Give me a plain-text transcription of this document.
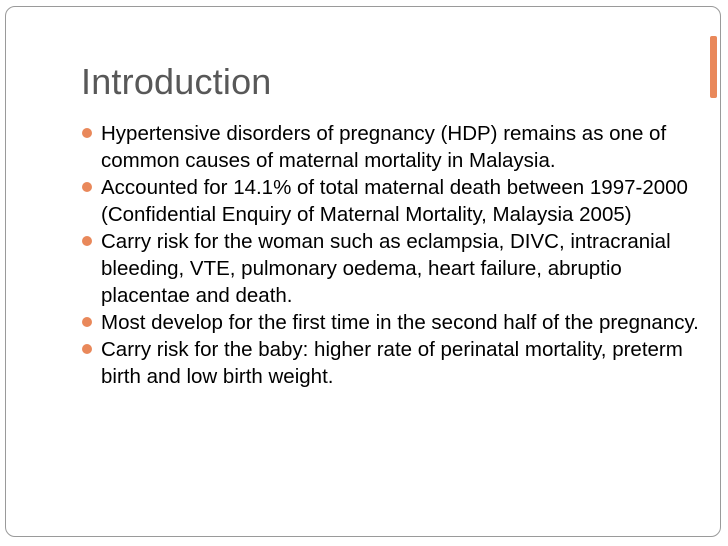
Introduction
Hypertensive disorders of pregnancy (HDP) remains as one of common causes of maternal mortality in Malaysia.
Accounted for 14.1% of total maternal death between 1997-2000 (Confidential Enquiry of Maternal Mortality, Malaysia 2005)
Carry risk for the woman such as eclampsia, DIVC, intracranial bleeding, VTE, pulmonary oedema, heart failure, abruptio placentae and death.
Most develop for the first time in the second half of the pregnancy.
Carry risk for the baby: higher rate of perinatal mortality, preterm birth and low birth weight.
